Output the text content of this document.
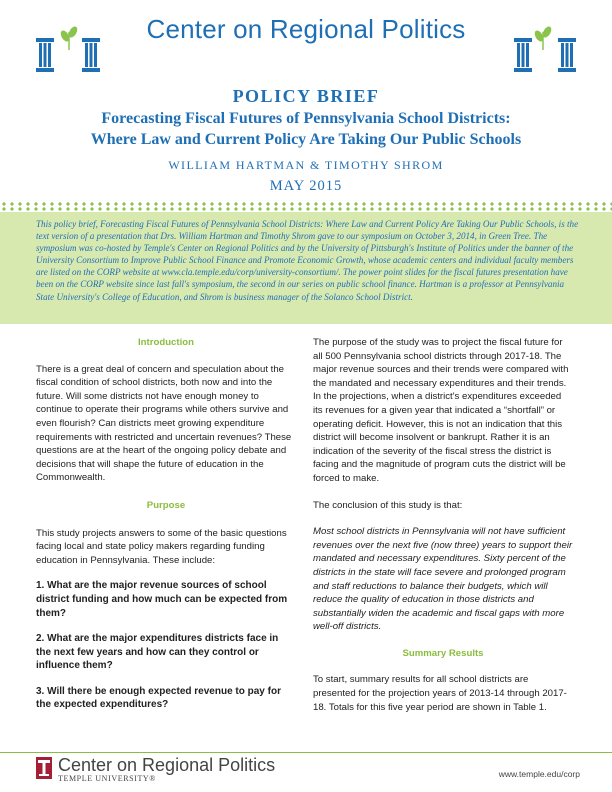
Center on Regional Politics
POLICY BRIEF
Forecasting Fiscal Futures of Pennsylvania School Districts:
Where Law and Current Policy Are Taking Our Public Schools
WILLIAM HARTMAN & TIMOTHY SHROM
MAY 2015
This policy brief, Forecasting Fiscal Futures of Pennsylvania School Districts: Where Law and Current Policy Are Taking Our Public Schools, is the text version of a presentation that Drs. William Hartman and Timothy Shrom gave to our symposium on October 3, 2014, in Green Tree. The symposium was co-hosted by Temple's Center on Regional Politics and by the University of Pittsburgh's Institute of Politics under the banner of the University Consortium to Improve Public School Finance and Promote Economic Growth, whose academic centers and individual faculty members are listed on the CORP website at www.cla.temple.edu/corp/university-consortium/. The power point slides for the fiscal futures presentation have been on the CORP website since last fall's symposium, the second in our series on public school finance. Hartman is a professor at Pennsylvania State University's College of Education, and Shrom is business manager of the Solanco School District.

Introduction

There is a great deal of concern and speculation about the fiscal condition of school districts, both now and into the future. Will some districts not have enough money to continue to operate their programs while others survive and even flourish? Can districts meet growing expenditure requirements with restricted and uncertain revenues? These questions are at the heart of the ongoing policy debate and decisions that will shape the future of education in the Commonwealth.

Purpose

This study projects answers to some of the basic questions facing local and state policy makers regarding funding education in Pennsylvania. These include:

1. What are the major revenue sources of school district funding and how much can be expected from them?

2. What are the major expenditures districts face in the next few years and how can they control or influence them?

3. Will there be enough expected revenue to pay for the expected expenditures?

The purpose of the study was to project the fiscal future for all 500 Pennsylvania school districts through 2017-18. The major revenue sources and their trends were compared with the mandated and necessary expenditures and their trends. In the projections, when a district's expenditures exceeded its revenues for a given year that indicated a “shortfall” or operating deficit. However, this is not an indication that this district will become insolvent or bankrupt. Rather it is an indication of the severity of the fiscal stress the district is facing and the magnitude of program cuts the district will be forced to make.

The conclusion of this study is that:

Most school districts in Pennsylvania will not have sufficient revenues over the next five (now three) years to support their mandated and necessary expenditures. Sixty percent of the districts in the state will face severe and prolonged program and staff reductions to balance their budgets, which will reduce the quality of education in those districts and substantially widen the academic and fiscal gaps with more well-off districts.

Summary Results

To start, summary results for all school districts are presented for the projection years of 2013-14 through 2017-18. Totals for this five year period are shown in Table 1.

Center on Regional Politics
TEMPLE UNIVERSITY®	www.temple.edu/corp
